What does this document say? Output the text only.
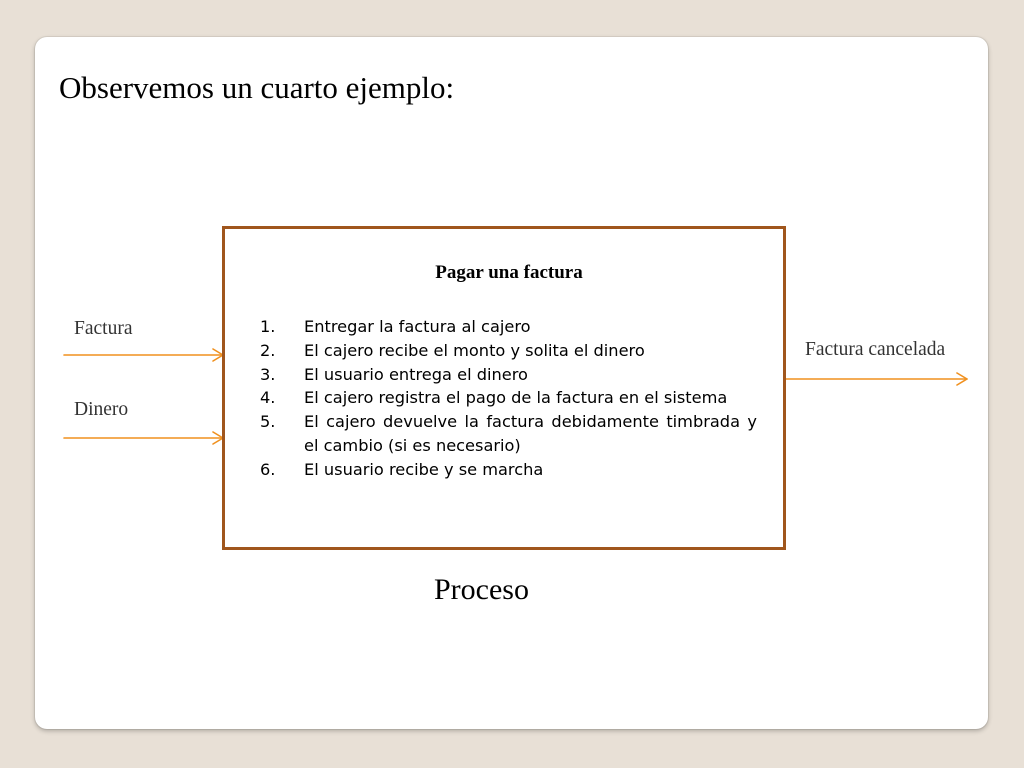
Observemos un cuarto ejemplo:
Factura
Dinero
Factura cancelada
Pagar una factura
1.	Entregar la factura al cajero
2.	El cajero recibe el monto y solita el dinero
3.	El usuario entrega el dinero
4.	El cajero registra el pago de la factura en el sistema
5.	El cajero devuelve la factura debidamente timbrada y el cambio (si es necesario)
6.	El usuario recibe y se marcha
Proceso
